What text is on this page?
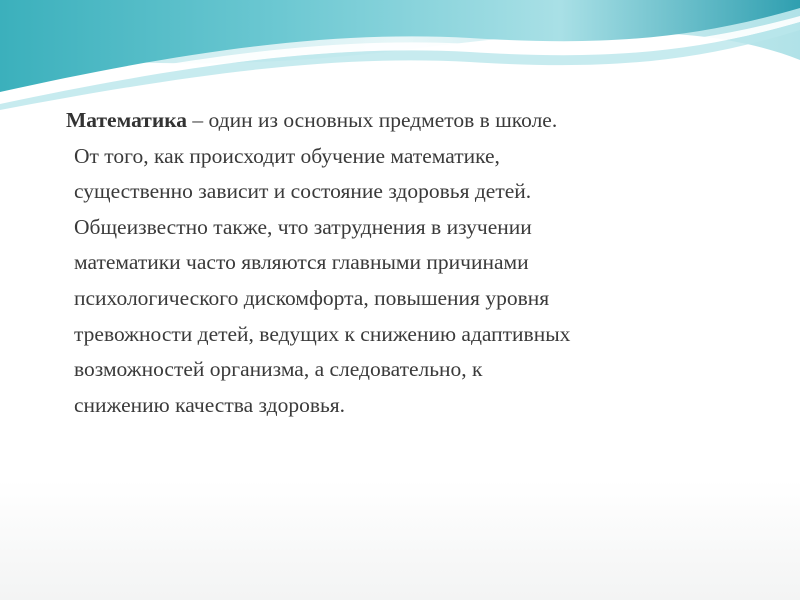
Математика – один из основных предметов в школе.
От того, как происходит обучение математике,
существенно зависит и состояние здоровья детей.
Общеизвестно также, что затруднения в изучении
математики часто являются главными причинами
психологического дискомфорта, повышения уровня
тревожности детей, ведущих к снижению адаптивных
возможностей организма, а следовательно, к
снижению качества здоровья.
